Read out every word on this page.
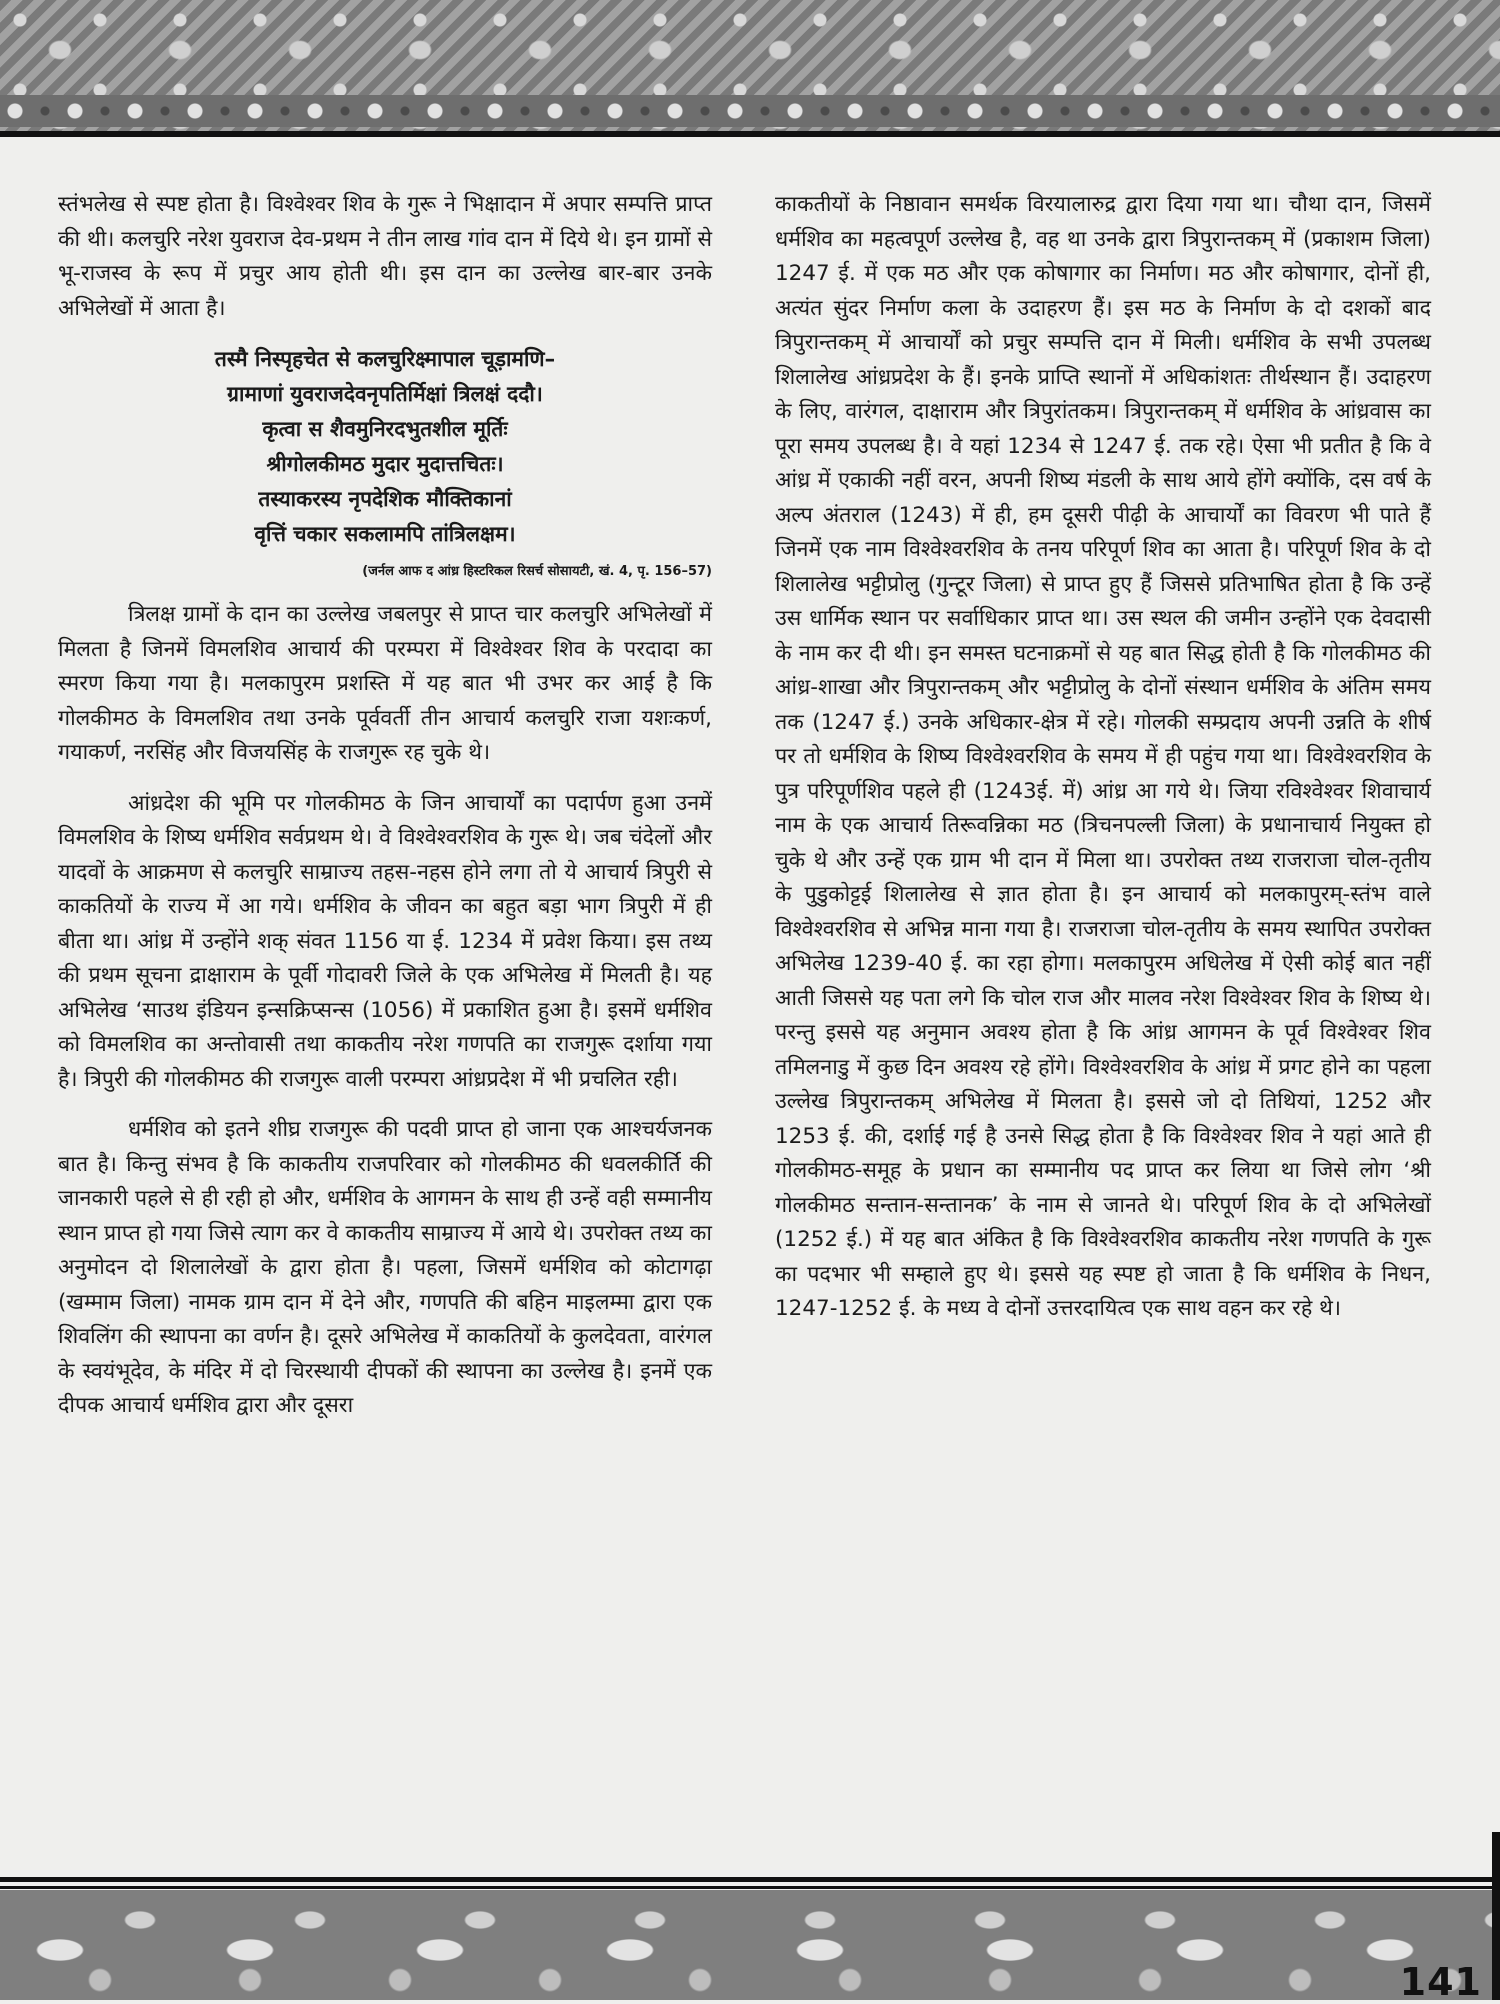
स्तंभलेख से स्पष्ट होता है। विश्वेश्वर शिव के गुरू ने भिक्षादान में अपार सम्पत्ति प्राप्त की थी। कलचुरि नरेश युवराज देव-प्रथम ने तीन लाख गांव दान में दिये थे। इन ग्रामों से भू-राजस्व के रूप में प्रचुर आय होती थी। इस दान का उल्लेख बार-बार उनके अभिलेखों में आता है।

तस्मै निस्पृहचेत से कलचुरिक्ष्मापाल चूड़ामणि–
ग्रामाणां युवराजदेवनृपतिर्मिक्षां त्रिलक्षं ददौ।
कृत्वा स शैवमुनिरदभुतशील मूर्तिः
श्रीगोलकीमठ मुदार मुदात्तचितः।
तस्याकरस्य नृपदेशिक मौक्तिकानां
वृत्तिं चकार सकलामपि तांत्रिलक्षम।
(जर्नल आफ द आंध्र हिस्टरिकल रिसर्च सोसायटी, खं. 4, पृ. 156–57)

त्रिलक्ष ग्रामों के दान का उल्लेख जबलपुर से प्राप्त चार कलचुरि अभिलेखों में मिलता है जिनमें विमलशिव आचार्य की परम्परा में विश्वेश्वर शिव के परदादा का स्मरण किया गया है। मलकापुरम प्रशस्ति में यह बात भी उभर कर आई है कि गोलकीमठ के विमलशिव तथा उनके पूर्ववर्ती तीन आचार्य कलचुरि राजा यशःकर्ण, गयाकर्ण, नरसिंह और विजयसिंह के राजगुरू रह चुके थे।

आंध्रदेश की भूमि पर गोलकीमठ के जिन आचार्यों का पदार्पण हुआ उनमें विमलशिव के शिष्य धर्मशिव सर्वप्रथम थे। वे विश्वेश्वरशिव के गुरू थे। जब चंदेलों और यादवों के आक्रमण से कलचुरि साम्राज्य तहस-नहस होने लगा तो ये आचार्य त्रिपुरी से काकतियों के राज्य में आ गये। धर्मशिव के जीवन का बहुत बड़ा भाग त्रिपुरी में ही बीता था। आंध्र में उन्होंने शक् संवत 1156 या ई. 1234 में प्रवेश किया। इस तथ्य की प्रथम सूचना द्राक्षाराम के पूर्वी गोदावरी जिले के एक अभिलेख में मिलती है। यह अभिलेख ‘साउथ इंडियन इन्सक्रिप्सन्स (1056) में प्रकाशित हुआ है। इसमें धर्मशिव को विमलशिव का अन्तोवासी तथा काकतीय नरेश गणपति का राजगुरू दर्शाया गया है। त्रिपुरी की गोलकीमठ की राजगुरू वाली परम्परा आंध्रप्रदेश में भी प्रचलित रही।

धर्मशिव को इतने शीघ्र राजगुरू की पदवी प्राप्त हो जाना एक आश्चर्यजनक बात है। किन्तु संभव है कि काकतीय राजपरिवार को गोलकीमठ की धवलकीर्ति की जानकारी पहले से ही रही हो और, धर्मशिव के आगमन के साथ ही उन्हें वही सम्मानीय स्थान प्राप्त हो गया जिसे त्याग कर वे काकतीय साम्राज्य में आये थे। उपरोक्त तथ्य का अनुमोदन दो शिलालेखों के द्वारा होता है। पहला, जिसमें धर्मशिव को कोटागढ़ा (खम्माम जिला) नामक ग्राम दान में देने और, गणपति की बहिन माइलम्मा द्वारा एक शिवलिंग की स्थापना का वर्णन है। दूसरे अभिलेख में काकतियों के कुलदेवता, वारंगल के स्वयंभूदेव, के मंदिर में दो चिरस्थायी दीपकों की स्थापना का उल्लेख है। इनमें एक दीपक आचार्य धर्मशिव द्वारा और दूसरा

काकतीयों के निष्ठावान समर्थक विरयालारुद्र द्वारा दिया गया था। चौथा दान, जिसमें धर्मशिव का महत्वपूर्ण उल्लेख है, वह था उनके द्वारा त्रिपुरान्तकम् में (प्रकाशम जिला) 1247 ई. में एक मठ और एक कोषागार का निर्माण। मठ और कोषागार, दोनों ही, अत्यंत सुंदर निर्माण कला के उदाहरण हैं। इस मठ के निर्माण के दो दशकों बाद त्रिपुरान्तकम् में आचार्यों को प्रचुर सम्पत्ति दान में मिली। धर्मशिव के सभी उपलब्ध शिलालेख आंध्रप्रदेश के हैं। इनके प्राप्ति स्थानों में अधिकांशतः तीर्थस्थान हैं। उदाहरण के लिए, वारंगल, दाक्षाराम और त्रिपुरांतकम। त्रिपुरान्तकम् में धर्मशिव के आंध्रवास का पूरा समय उपलब्ध है। वे यहां 1234 से 1247 ई. तक रहे। ऐसा भी प्रतीत है कि वे आंध्र में एकाकी नहीं वरन, अपनी शिष्य मंडली के साथ आये होंगे क्योंकि, दस वर्ष के अल्प अंतराल (1243) में ही, हम दूसरी पीढ़ी के आचार्यों का विवरण भी पाते हैं जिनमें एक नाम विश्वेश्वरशिव के तनय परिपूर्ण शिव का आता है। परिपूर्ण शिव के दो शिलालेख भट्टीप्रोलु (गुन्टूर जिला) से प्राप्त हुए हैं जिससे प्रतिभाषित होता है कि उन्हें उस धार्मिक स्थान पर सर्वाधिकार प्राप्त था। उस स्थल की जमीन उन्होंने एक देवदासी के नाम कर दी थी। इन समस्त घटनाक्रमों से यह बात सिद्ध होती है कि गोलकीमठ की आंध्र-शाखा और त्रिपुरान्तकम् और भट्टीप्रोलु के दोनों संस्थान धर्मशिव के अंतिम समय तक (1247 ई.) उनके अधिकार-क्षेत्र में रहे। गोलकी सम्प्रदाय अपनी उन्नति के शीर्ष पर तो धर्मशिव के शिष्य विश्वेश्वरशिव के समय में ही पहुंच गया था। विश्वेश्वरशिव के पुत्र परिपूर्णशिव पहले ही (1243ई. में) आंध्र आ गये थे। जिया रविश्वेश्वर शिवाचार्य नाम के एक आचार्य तिरूवन्निका मठ (त्रिचनपल्ली जिला) के प्रधानाचार्य नियुक्त हो चुके थे और उन्हें एक ग्राम भी दान में मिला था। उपरोक्त तथ्य राजराजा चोल-तृतीय के पुडुकोट्टई शिलालेख से ज्ञात होता है। इन आचार्य को मलकापुरम्-स्तंभ वाले विश्वेश्वरशिव से अभिन्न माना गया है। राजराजा चोल-तृतीय के समय स्थापित उपरोक्त अभिलेख 1239-40 ई. का रहा होगा। मलकापुरम अधिलेख में ऐसी कोई बात नहीं आती जिससे यह पता लगे कि चोल राज और मालव नरेश विश्वेश्वर शिव के शिष्य थे। परन्तु इससे यह अनुमान अवश्य होता है कि आंध्र आगमन के पूर्व विश्वेश्वर शिव तमिलनाडु में कुछ दिन अवश्य रहे होंगे। विश्वेश्वरशिव के आंध्र में प्रगट होने का पहला उल्लेख त्रिपुरान्तकम् अभिलेख में मिलता है। इससे जो दो तिथियां, 1252 और 1253 ई. की, दर्शाई गई है उनसे सिद्ध होता है कि विश्वेश्वर शिव ने यहां आते ही गोलकीमठ-समूह के प्रधान का सम्मानीय पद प्राप्त कर लिया था जिसे लोग ‘श्री गोलकीमठ सन्तान-सन्तानक’ के नाम से जानते थे। परिपूर्ण शिव के दो अभिलेखों (1252 ई.) में यह बात अंकित है कि विश्वेश्वरशिव काकतीय नरेश गणपति के गुरू का पदभार भी सम्हाले हुए थे। इससे यह स्पष्ट हो जाता है कि धर्मशिव के निधन, 1247-1252 ई. के मध्य वे दोनों उत्तरदायित्व एक साथ वहन कर रहे थे।

141
